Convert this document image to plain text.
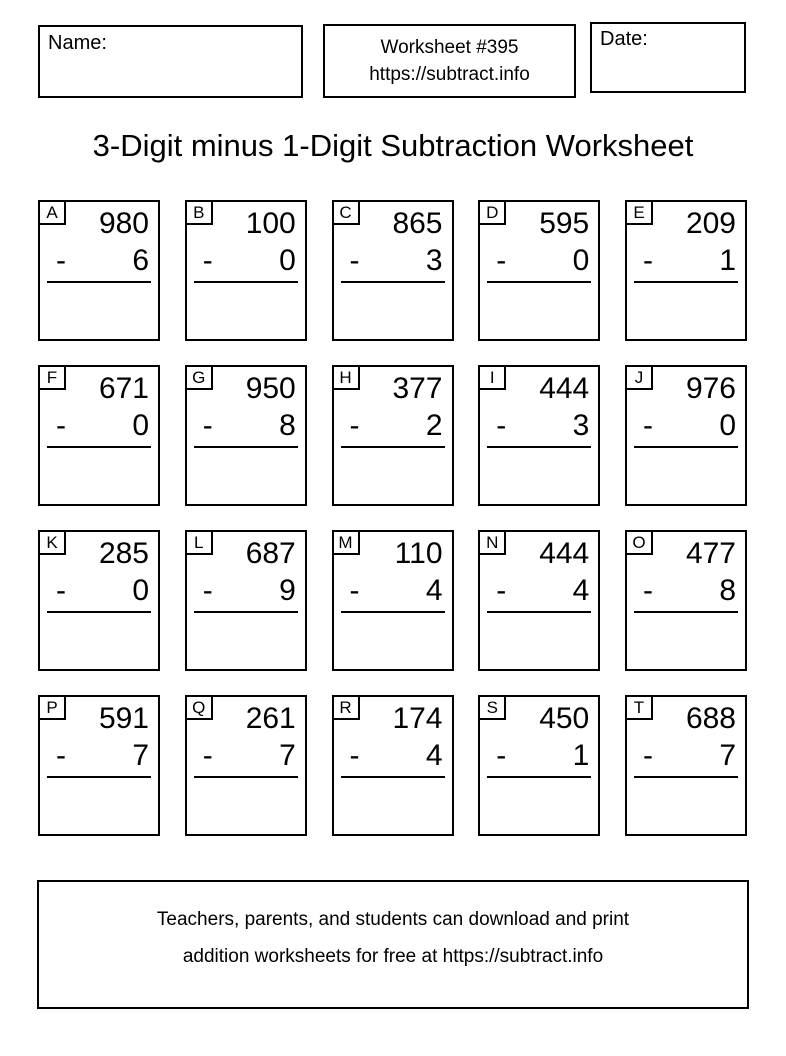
Name:	Worksheet #395
https://subtract.info
Date:
3-Digit minus 1-Digit Subtraction Worksheet
A 980
- 6
B 100
- 0
C 865
- 3
D 595
- 0
E 209
- 1
F 671
- 0
G 950
- 8
H 377
- 2
I	444
- 3
J	976
- 0
K 285
- 0
L	687
- 9
M 110
- 4
N 444
- 4
O 477
- 8
P 591
- 7
Q 261
- 7
R 174
- 4
S 450
- 1
T 688
- 7
Teachers, parents, and students can download and print
addition worksheets for free at https://subtract.info
